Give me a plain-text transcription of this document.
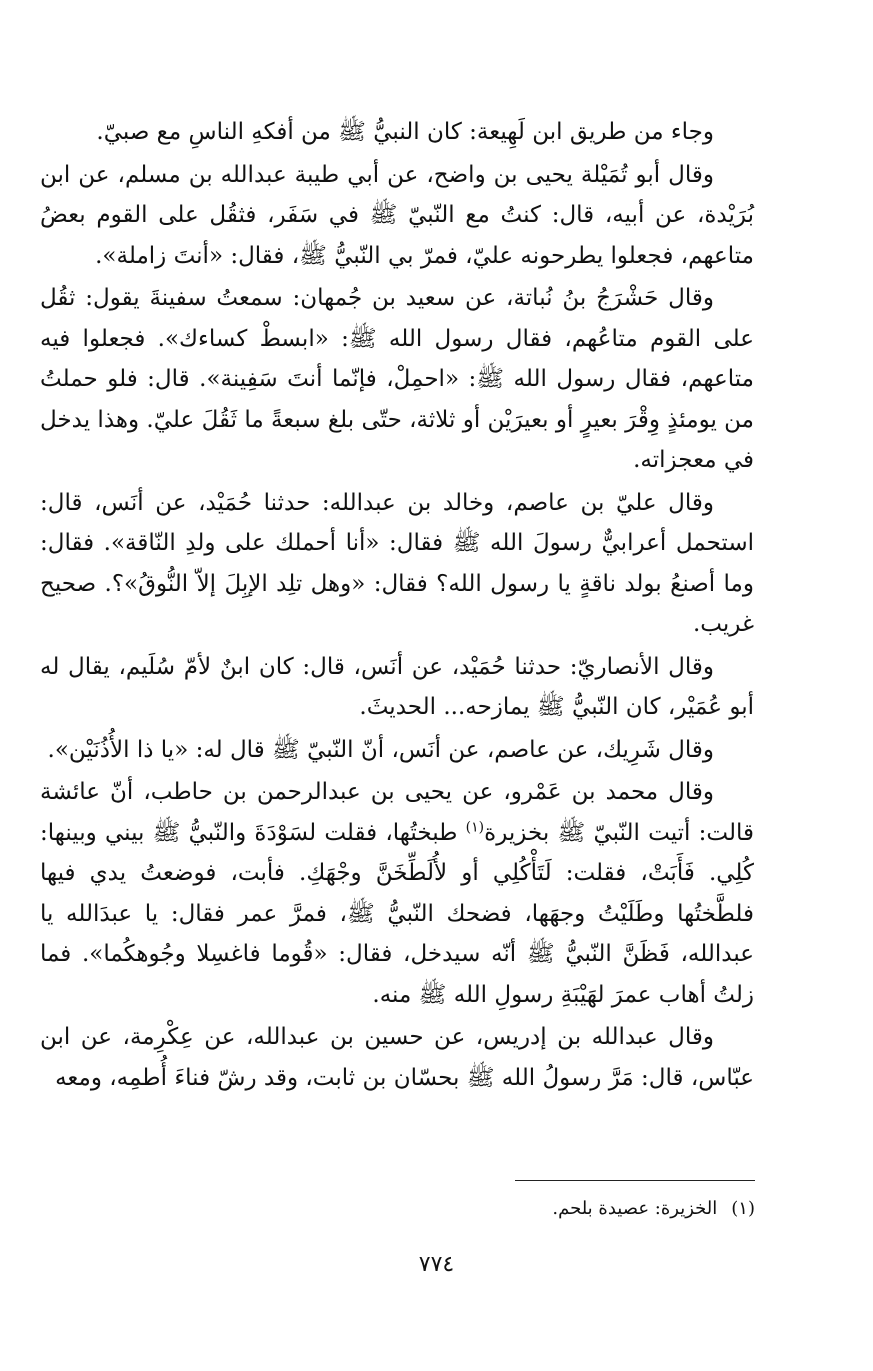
وجاء من طريق ابن لَهِيعة: كان النبيُّ ﷺ من أفكهِ الناسِ مع صبيّ.

وقال أبو تُمَيْلة يحيى بن واضح، عن أبي طيبة عبدالله بن مسلم، عن ابن بُرَيْدة، عن أبيه، قال: كنتُ مع النّبيّ ﷺ في سَفَر، فثقُل على القوم بعضُ متاعهم، فجعلوا يطرحونه عليّ، فمرّ بي النّبيُّ ﷺ، فقال: «أنتَ زاملة».

وقال حَشْرَجُ بنُ نُباتة، عن سعيد بن جُمهان: سمعتُ سفينةَ يقول: ثقُل على القوم متاعُهم، فقال رسول الله ﷺ: «ابسطْ كساءك». فجعلوا فيه متاعهم، فقال رسول الله ﷺ: «احمِلْ، فإنّما أنتَ سَفِينة». قال: فلو حملتُ من يومئذٍ وِقْرَ بعيرٍ أو بعيرَيْن أو ثلاثة، حتّى بلغ سبعةً ما ثَقُلَ عليّ. وهذا يدخل في معجزاته.

وقال عليّ بن عاصم، وخالد بن عبدالله: حدثنا حُمَيْد، عن أنَس، قال: استحمل أعرابيٌّ رسولَ الله ﷺ فقال: «أنا أحملك على ولدِ النّاقة». فقال: وما أصنعُ بولد ناقةٍ يا رسول الله؟ فقال: «وهل تلِد الإبِلَ إلاّ النُّوقُ»؟. صحيح غريب.

وقال الأنصاريّ: حدثنا حُمَيْد، عن أنَس، قال: كان ابنٌ لأمّ سُلَيم، يقال له أبو عُمَيْر، كان النّبيُّ ﷺ يمازحه... الحديثَ.

وقال شَرِيك، عن عاصم، عن أنَس، أنّ النّبيّ ﷺ قال له: «يا ذا الأُذُنَيْن».

وقال محمد بن عَمْرو، عن يحيى بن عبدالرحمن بن حاطب، أنّ عائشة قالت: أتيت النّبيّ ﷺ بخزيرة$^{(١)}$ طبختُها، فقلت لسَوْدَةَ والنّبيُّ ﷺ بيني وبينها: كُلِي. فَأَبَتْ، فقلت: لَتَأْكُلِي أو لأُلَطِّخَنَّ وجْهَكِ. فأبت، فوضعتُ يدي فيها فلطَّختُها وطَلَيْتُ وجهَها، فضحك النّبيُّ ﷺ، فمرَّ عمر فقال: يا عبدَالله يا عبدالله، فَظَنَّ النّبيُّ ﷺ أنّه سيدخل، فقال: «قُوما فاغسِلا وجُوهكُما». فما زلتُ أهاب عمرَ لهَيْبَةِ رسولِ الله ﷺ منه.

وقال عبدالله بن إدريس، عن حسين بن عبدالله، عن عِكْرِمة، عن ابن عبّاس، قال: مَرَّ رسولُ الله ﷺ بحسّان بن ثابت، وقد رشّ فناءَ أُطمِه، ومعه

(١)الخزيرة: عصيدة بلحم.
٧٧٤
